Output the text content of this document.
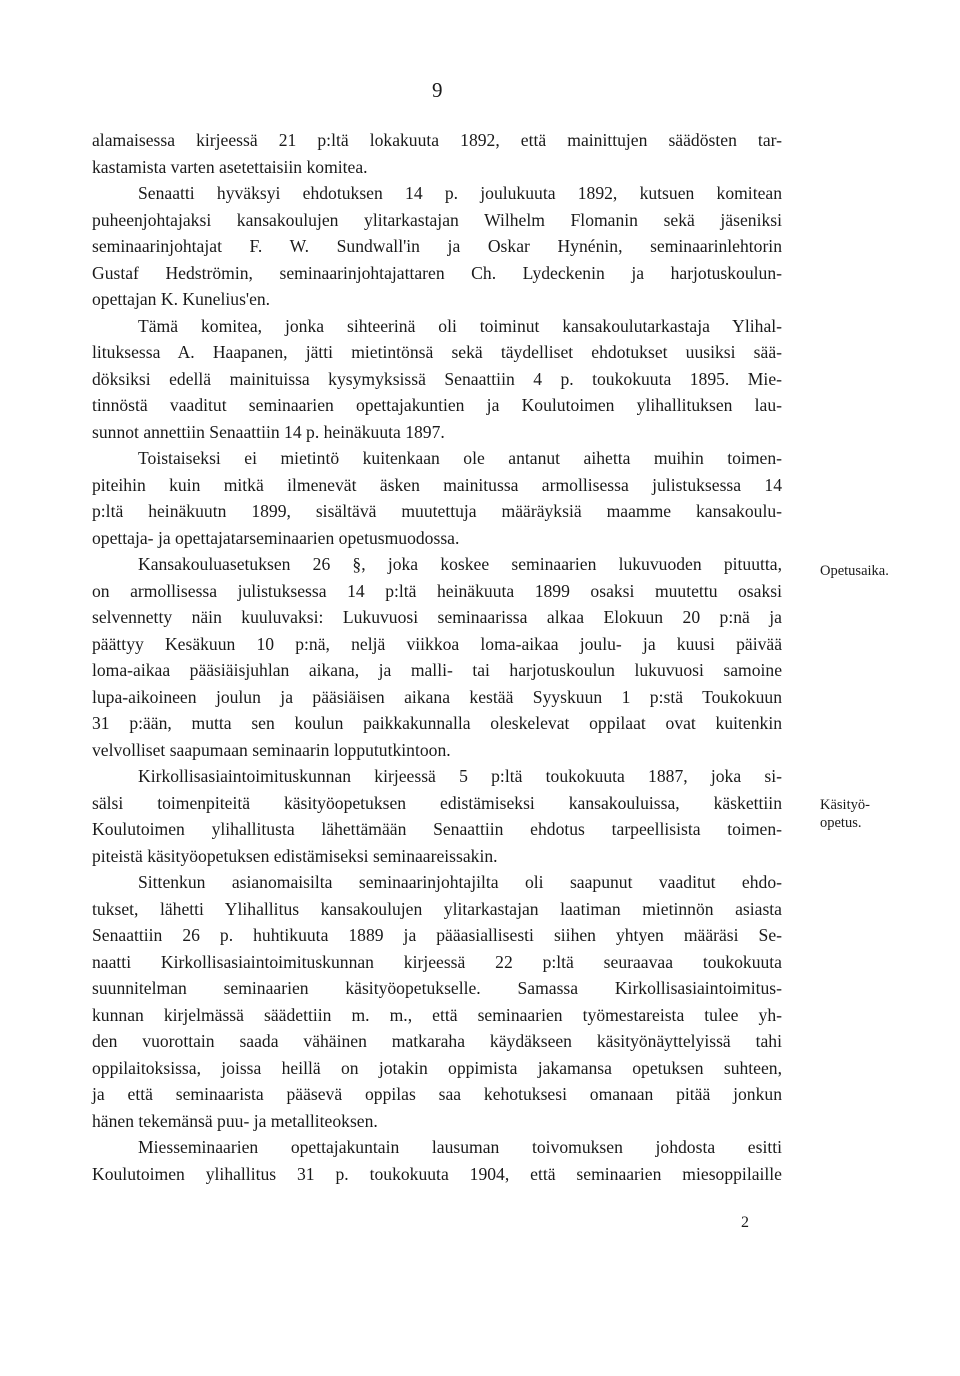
9
alamaisessa kirjeessä 21 p:ltä lokakuuta 1892, että mainittujen säädösten tar-
kastamista varten asetettaisiin komitea.
Senaatti hyväksyi ehdotuksen 14 p. joulukuuta 1892, kutsuen komitean
puheenjohtajaksi kansakoulujen ylitarkastajan Wilhelm Flomanin sekä jäseniksi
seminaarinjohtajat F. W. Sundwall'in ja Oskar Hynénin, seminaarinlehtorin
Gustaf Hedströmin, seminaarinjohtajattaren Ch. Lydeckenin ja harjotuskoulun-
opettajan K. Kunelius'en.
Tämä komitea, jonka sihteerinä oli toiminut kansakoulutarkastaja Ylihal-
lituksessa A. Haapanen, jätti mietintönsä sekä täydelliset ehdotukset uusiksi sää-
döksiksi edellä mainituissa kysymyksissä Senaattiin 4 p. toukokuuta 1895. Mie-
tinnöstä vaaditut seminaarien opettajakuntien ja Koulutoimen ylihallituksen lau-
sunnot annettiin Senaattiin 14 p. heinäkuuta 1897.
Toistaiseksi ei mietintö kuitenkaan ole antanut aihetta muihin toimen-
piteihin kuin mitkä ilmenevät äsken mainitussa armollisessa julistuksessa 14
p:ltä heinäkuutn 1899, sisältävä muutettuja määräyksiä maamme kansakoulu-
opettaja- ja opettajatarseminaarien opetusmuodossa.
Kansakouluasetuksen 26 §, joka koskee seminaarien lukuvuoden pituutta,
on armollisessa julistuksessa 14 p:ltä heinäkuuta 1899 osaksi muutettu osaksi
selvennetty näin kuuluvaksi: Lukuvuosi seminaarissa alkaa Elokuun 20 p:nä ja
päättyy Kesäkuun 10 p:nä, neljä viikkoa loma-aikaa joulu- ja kuusi päivää
loma-aikaa pääsiäisjuhlan aikana, ja malli- tai harjotuskoulun lukuvuosi samoine
lupa-aikoineen joulun ja pääsiäisen aikana kestää Syyskuun 1 p:stä Toukokuun
31 p:ään, mutta sen koulun paikkakunnalla oleskelevat oppilaat ovat kuitenkin
velvolliset saapumaan seminaarin loppututkintoon.
Kirkollisasiaintoimituskunnan kirjeessä 5 p:ltä toukokuuta 1887, joka si-
sälsi toimenpiteitä käsityöopetuksen edistämiseksi kansakouluissa, käskettiin
Koulutoimen ylihallitusta lähettämään Senaattiin ehdotus tarpeellisista toimen-
piteistä käsityöopetuksen edistämiseksi seminaareissakin.
Sittenkun asianomaisilta seminaarinjohtajilta oli saapunut vaaditut ehdo-
tukset, lähetti Ylihallitus kansakoulujen ylitarkastajan laatiman mietinnön asiasta
Senaattiin 26 p. huhtikuuta 1889 ja pääasiallisesti siihen yhtyen määräsi Se-
naatti Kirkollisasiaintoimituskunnan kirjeessä 22 p:ltä seuraavaa toukokuuta
suunnitelman seminaarien käsityöopetukselle. Samassa Kirkollisasiaintoimitus-
kunnan kirjelmässä säädettiin m. m., että seminaarien työmestareista tulee yh-
den vuorottain saada vähäinen matkaraha käydäkseen käsityönäyttelyissä tahi
oppilaitoksissa, joissa heillä on jotakin oppimista jakamansa opetuksen suhteen,
ja että seminaarista pääsevä oppilas saa kehotuksesi omanaan pitää jonkun
hänen tekemänsä puu- ja metalliteoksen.
Miesseminaarien opettajakuntain lausuman toivomuksen johdosta esitti
Koulutoimen ylihallitus 31 p. toukokuuta 1904, että seminaarien miesoppilaille
Opetusaika.
Käsityö-
opetus.
2
